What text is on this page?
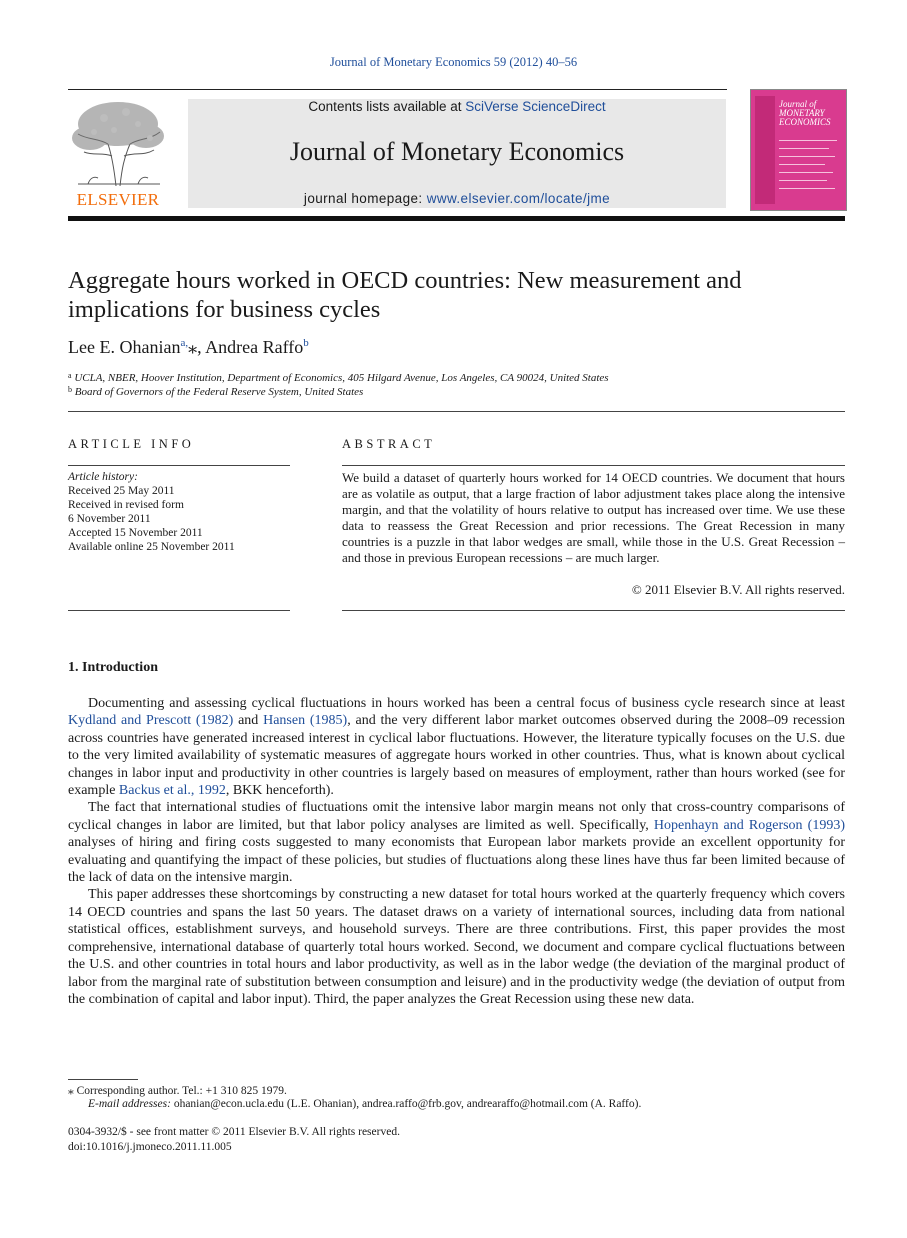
Journal of Monetary Economics 59 (2012) 40–56
ELSEVIER
Contents lists available at SciVerse ScienceDirect
Journal of Monetary Economics
journal homepage: www.elsevier.com/locate/jme
Journal of MONETARY ECONOMICS
Aggregate hours worked in OECD countries: New measurement and implications for business cycles
Lee E. Ohanian$^{a,}$⁎, Andrea Raffo$^b$
$^a$ UCLA, NBER, Hoover Institution, Department of Economics, 405 Hilgard Avenue, Los Angeles, CA 90024, United States
$^b$ Board of Governors of the Federal Reserve System, United States
ARTICLE INFO
Article history:
Received 25 May 2011
Received in revised form
6 November 2011
Accepted 15 November 2011
Available online 25 November 2011
ABSTRACT
We build a dataset of quarterly hours worked for 14 OECD countries. We document that hours are as volatile as output, that a large fraction of labor adjustment takes place along the intensive margin, and that the volatility of hours relative to output has increased over time. We use these data to reassess the Great Recession and prior recessions. The Great Recession in many countries is a puzzle in that labor wedges are small, while those in the U.S. Great Recession – and those in previous European recessions – are much larger.
© 2011 Elsevier B.V. All rights reserved.
1. Introduction

Documenting and assessing cyclical fluctuations in hours worked has been a central focus of business cycle research since at least Kydland and Prescott (1982) and Hansen (1985), and the very different labor market outcomes observed during the 2008–09 recession across countries have generated increased interest in cyclical labor fluctuations. However, the literature typically focuses on the U.S. due to the very limited availability of systematic measures of aggregate hours worked in other countries. Thus, what is known about cyclical changes in labor input and productivity in other countries is largely based on measures of employment, rather than hours worked (see for example Backus et al., 1992, BKK henceforth).

The fact that international studies of fluctuations omit the intensive labor margin means not only that cross-country comparisons of cyclical changes in labor are limited, but that labor policy analyses are limited as well. Specifically, Hopenhayn and Rogerson (1993) analyses of hiring and firing costs suggested to many economists that European labor markets provide an excellent opportunity for evaluating and quantifying the impact of these policies, but studies of fluctuations along these lines have thus far been limited because of the lack of data on the intensive margin.

This paper addresses these shortcomings by constructing a new dataset for total hours worked at the quarterly frequency which covers 14 OECD countries and spans the last 50 years. The dataset draws on a variety of international sources, including data from national statistical offices, establishment surveys, and household surveys. There are three contributions. First, this paper provides the most comprehensive, international database of quarterly total hours worked. Second, we document and compare cyclical fluctuations between the U.S. and other countries in total hours and labor productivity, as well as in the labor wedge (the deviation of the marginal product of labor from the marginal rate of substitution between consumption and leisure) and in the productivity wedge (the deviation of output from the combination of capital and labor input). Third, the paper analyzes the Great Recession using these new data.

⁎ Corresponding author. Tel.: +1 310 825 1979.
E-mail addresses: ohanian@econ.ucla.edu (L.E. Ohanian), andrea.raffo@frb.gov, andrearaffo@hotmail.com (A. Raffo).
0304-3932/$ - see front matter © 2011 Elsevier B.V. All rights reserved.
doi:10.1016/j.jmoneco.2011.11.005
